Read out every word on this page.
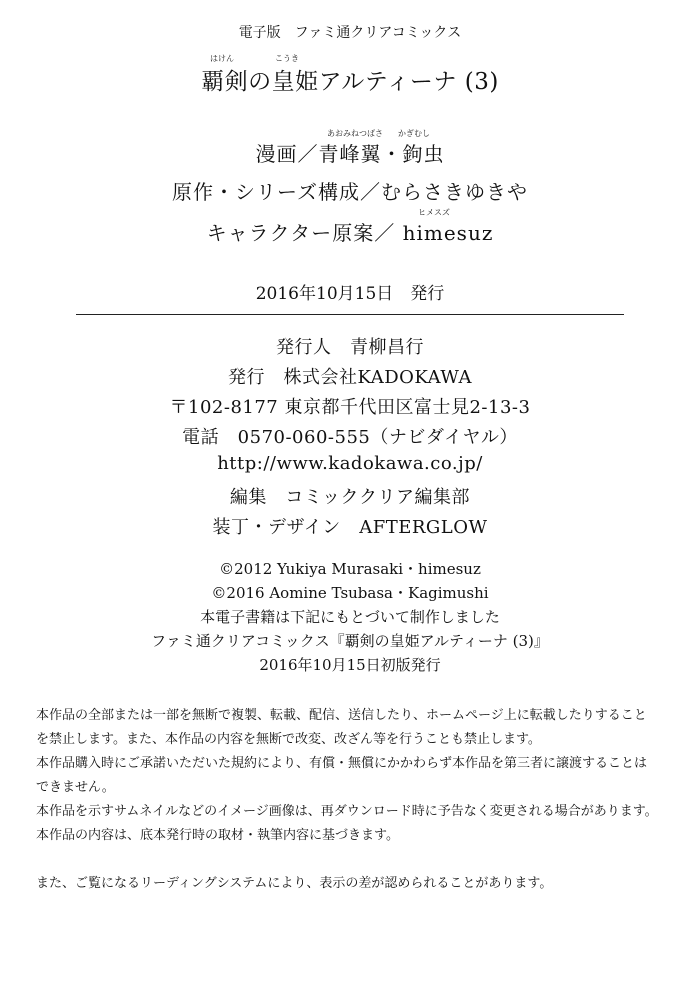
電子版　ファミ通クリアコミックス
はけん	こうき
覇剣の皇姫アルティーナ (3)
あおみねつばさ かぎむし
漫画／青峰翼・鉤虫
原作・シリーズ構成／むらさきゆきや
ヒメスズ
キャラクター原案／ himesuz
2016年10月15日　発行
発行人　青柳昌行
発行　株式会社KADOKAWA
〒102-8177 東京都千代田区富士見2-13-3
電話　0570-060-555（ナビダイヤル）
http://www.kadokawa.co.jp/
編集　コミッククリア編集部
装丁・デザイン　AFTERGLOW
©2012 Yukiya Murasaki・himesuz
©2016 Aomine Tsubasa・Kagimushi
本電子書籍は下記にもとづいて制作しました
ファミ通クリアコミックス『覇剣の皇姫アルティーナ (3)』
2016年10月15日初版発行
本作品の全部または一部を無断で複製、転載、配信、送信したり、ホームページ上に転載したりすること
を禁止します。また、本作品の内容を無断で改変、改ざん等を行うことも禁止します。
本作品購入時にご承諾いただいた規約により、有償・無償にかかわらず本作品を第三者に譲渡することは
できません。
本作品を示すサムネイルなどのイメージ画像は、再ダウンロード時に予告なく変更される場合があります。
本作品の内容は、底本発行時の取材・執筆内容に基づきます。
また、ご覧になるリーディングシステムにより、表示の差が認められることがあります。
